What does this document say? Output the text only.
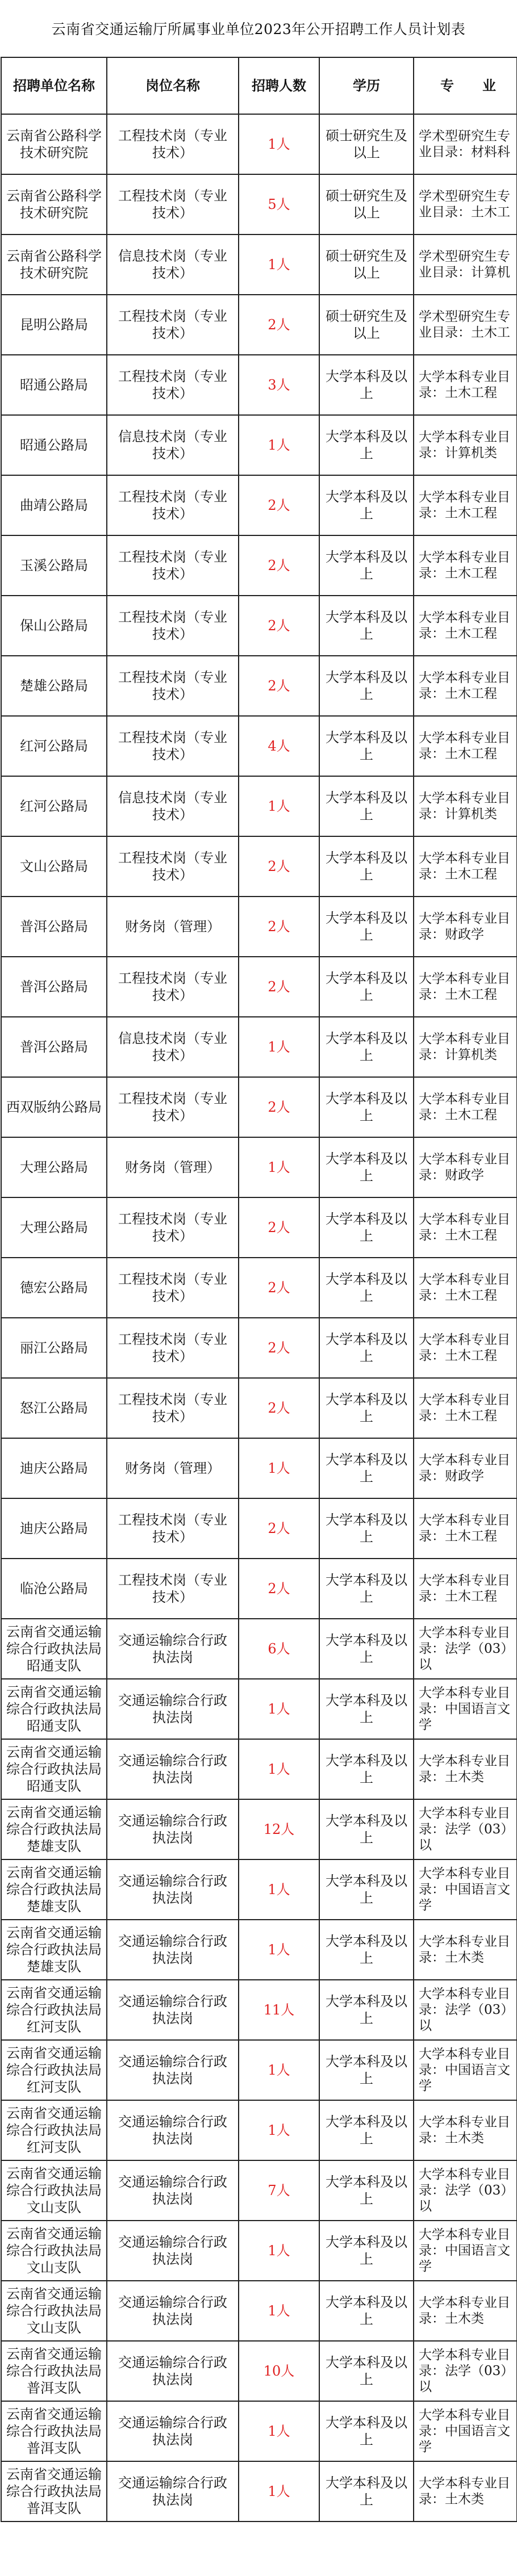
云南省交通运输厅所属事业单位2023年公开招聘工作人员计划表
招聘单位名称	岗位名称	招聘人数	学历	专 业
云南省公路科学技术研究院	工程技术岗（专业技术）	1人	硕士研究生及以上	学术型研究生专业目录：材料科
云南省公路科学技术研究院	工程技术岗（专业技术）	5人	硕士研究生及以上	学术型研究生专业目录：土木工
云南省公路科学技术研究院	信息技术岗（专业技术）	1人	硕士研究生及以上	学术型研究生专业目录：计算机
昆明公路局	工程技术岗（专业技术）	2人	硕士研究生及以上	学术型研究生专业目录：土木工
昭通公路局	工程技术岗（专业技术）	3人	大学本科及以上	大学本科专业目录：土木工程
昭通公路局	信息技术岗（专业技术）	1人	大学本科及以上	大学本科专业目录：计算机类
曲靖公路局	工程技术岗（专业技术）	2人	大学本科及以上	大学本科专业目录：土木工程
玉溪公路局	工程技术岗（专业技术）	2人	大学本科及以上	大学本科专业目录：土木工程
保山公路局	工程技术岗（专业技术）	2人	大学本科及以上	大学本科专业目录：土木工程
楚雄公路局	工程技术岗（专业技术）	2人	大学本科及以上	大学本科专业目录：土木工程
红河公路局	工程技术岗（专业技术）	4人	大学本科及以上	大学本科专业目录：土木工程
红河公路局	信息技术岗（专业技术）	1人	大学本科及以上	大学本科专业目录：计算机类
文山公路局	工程技术岗（专业技术）	2人	大学本科及以上	大学本科专业目录：土木工程
普洱公路局	财务岗（管理）	2人	大学本科及以上	大学本科专业目录：财政学
普洱公路局	工程技术岗（专业技术）	2人	大学本科及以上	大学本科专业目录：土木工程
普洱公路局	信息技术岗（专业技术）	1人	大学本科及以上	大学本科专业目录：计算机类
西双版纳公路局	工程技术岗（专业技术）	2人	大学本科及以上	大学本科专业目录：土木工程
大理公路局	财务岗（管理）	1人	大学本科及以上	大学本科专业目录：财政学
大理公路局	工程技术岗（专业技术）	2人	大学本科及以上	大学本科专业目录：土木工程
德宏公路局	工程技术岗（专业技术）	2人	大学本科及以上	大学本科专业目录：土木工程
丽江公路局	工程技术岗（专业技术）	2人	大学本科及以上	大学本科专业目录：土木工程
怒江公路局	工程技术岗（专业技术）	2人	大学本科及以上	大学本科专业目录：土木工程
迪庆公路局	财务岗（管理）	1人	大学本科及以上	大学本科专业目录：财政学
迪庆公路局	工程技术岗（专业技术）	2人	大学本科及以上	大学本科专业目录：土木工程
临沧公路局	工程技术岗（专业技术）	2人	大学本科及以上	大学本科专业目录：土木工程
云南省交通运输综合行政执法局昭通支队	交通运输综合行政执法岗	6人	大学本科及以上	大学本科专业目录：法学（03）以
云南省交通运输综合行政执法局昭通支队	交通运输综合行政执法岗	1人	大学本科及以上	大学本科专业目录：中国语言文学
云南省交通运输综合行政执法局昭通支队	交通运输综合行政执法岗	1人	大学本科及以上	大学本科专业目录：土木类
云南省交通运输综合行政执法局楚雄支队	交通运输综合行政执法岗	12人	大学本科及以上	大学本科专业目录：法学（03）以
云南省交通运输综合行政执法局楚雄支队	交通运输综合行政执法岗	1人	大学本科及以上	大学本科专业目录：中国语言文学
云南省交通运输综合行政执法局楚雄支队	交通运输综合行政执法岗	1人	大学本科及以上	大学本科专业目录：土木类
云南省交通运输综合行政执法局红河支队	交通运输综合行政执法岗	11人	大学本科及以上	大学本科专业目录：法学（03）以
云南省交通运输综合行政执法局红河支队	交通运输综合行政执法岗	1人	大学本科及以上	大学本科专业目录：中国语言文学
云南省交通运输综合行政执法局红河支队	交通运输综合行政执法岗	1人	大学本科及以上	大学本科专业目录：土木类
云南省交通运输综合行政执法局文山支队	交通运输综合行政执法岗	7人	大学本科及以上	大学本科专业目录：法学（03）以
云南省交通运输综合行政执法局文山支队	交通运输综合行政执法岗	1人	大学本科及以上	大学本科专业目录：中国语言文学
云南省交通运输综合行政执法局文山支队	交通运输综合行政执法岗	1人	大学本科及以上	大学本科专业目录：土木类
云南省交通运输综合行政执法局普洱支队	交通运输综合行政执法岗	10人	大学本科及以上	大学本科专业目录：法学（03）以
云南省交通运输综合行政执法局普洱支队	交通运输综合行政执法岗	1人	大学本科及以上	大学本科专业目录：中国语言文学
云南省交通运输综合行政执法局普洱支队	交通运输综合行政执法岗	1人	大学本科及以上	大学本科专业目录：土木类
